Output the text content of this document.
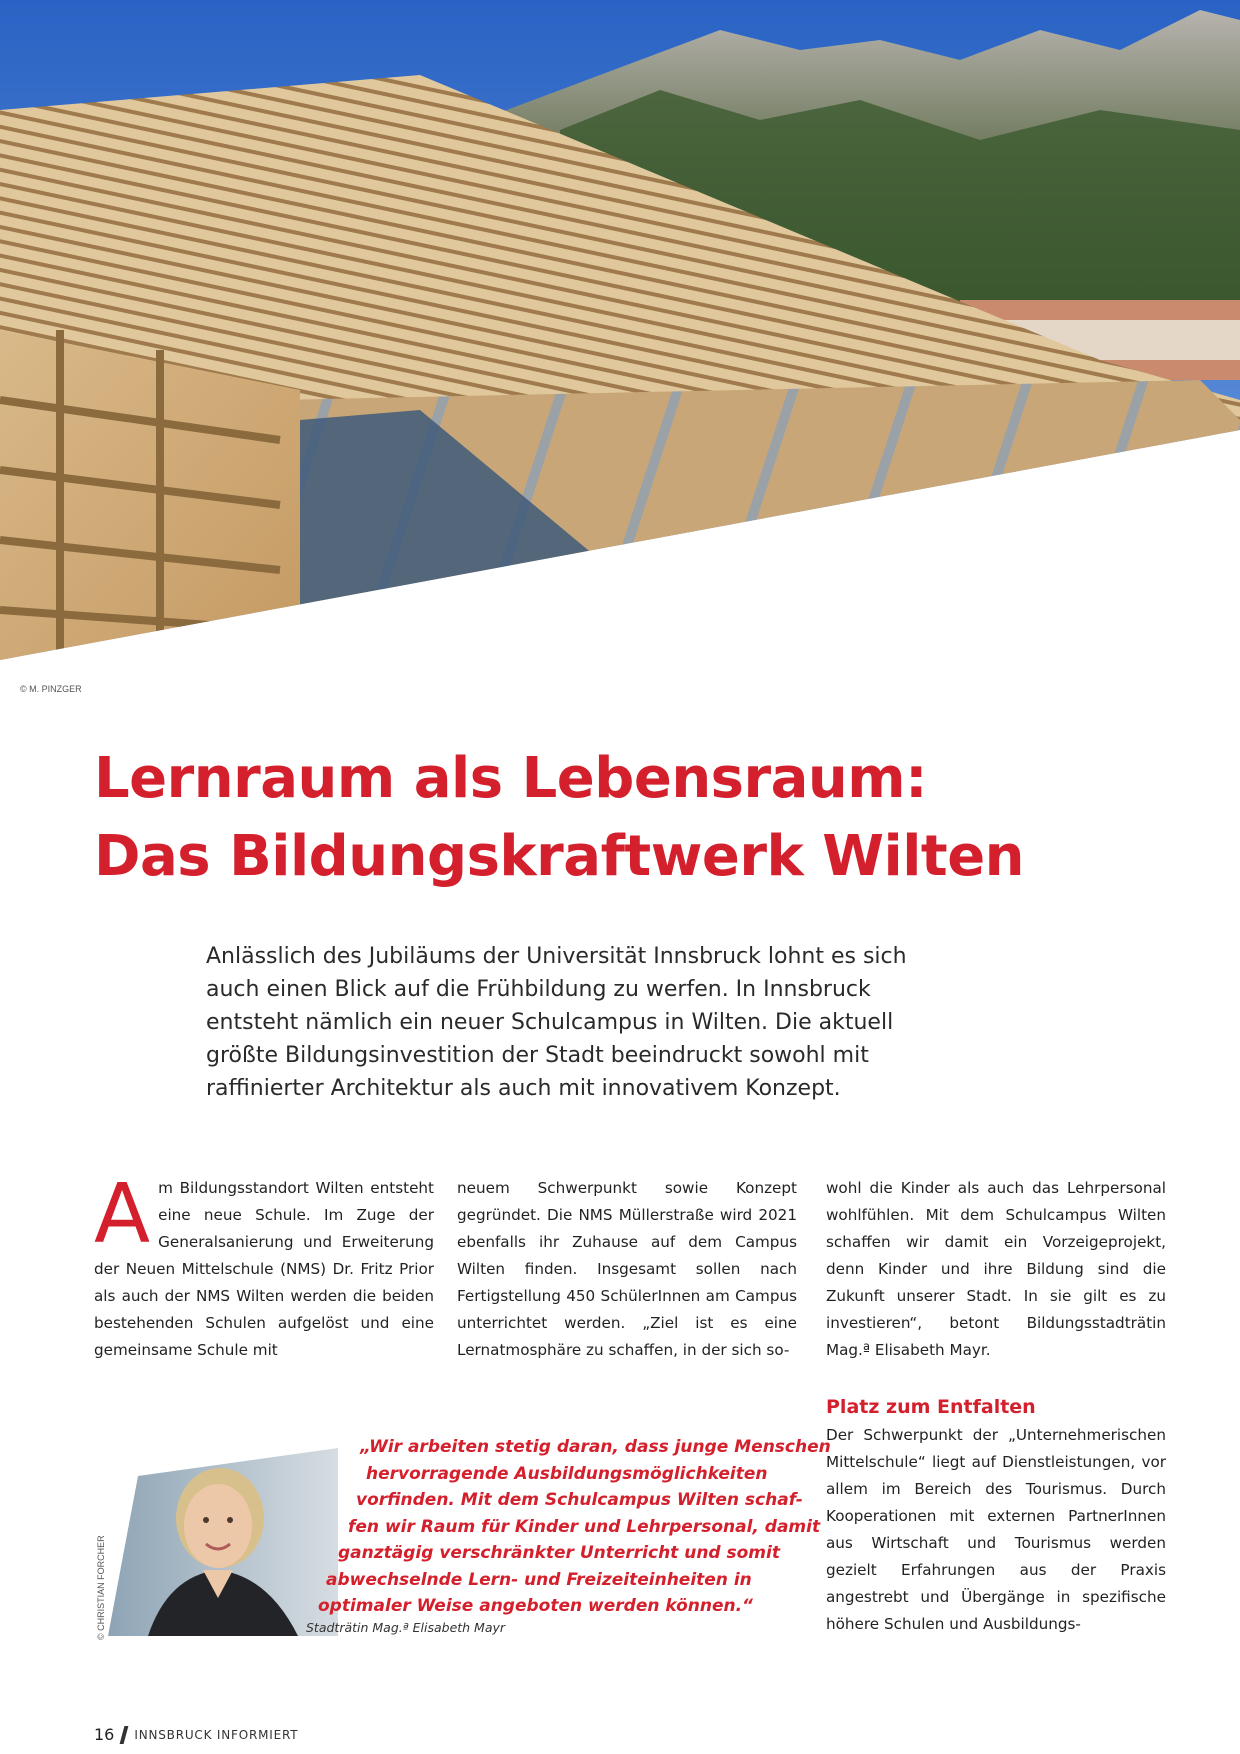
© M. PINZGER
Lernraum als Lebensraum:
Das Bildungskraftwerk Wilten

Anlässlich des Jubiläums der Universität Innsbruck lohnt es sich auch einen Blick auf die Frühbildung zu werfen. In Innsbruck entsteht nämlich ein neuer Schulcampus in Wilten. Die aktuell größte Bildungsinvestition der Stadt beeindruckt sowohl mit raffinierter Architektur als auch mit innovativem Konzept.

A m Bildungsstandort Wilten entsteht eine neue Schule. Im Zuge der Generalsanierung und Erweiterung der Neuen Mittelschule (NMS) Dr. Fritz Prior als auch der NMS Wilten werden die beiden bestehenden Schulen aufgelöst und eine gemeinsame Schule mit

neuem Schwerpunkt sowie Konzept gegründet. Die NMS Müllerstraße wird 2021 ebenfalls ihr Zuhause auf dem Campus Wilten finden. Insgesamt sollen nach Fertigstellung 450 SchülerInnen am Campus unterrichtet werden. „Ziel ist es eine Lernatmosphäre zu schaffen, in der sich so-

wohl die Kinder als auch das Lehrpersonal wohlfühlen. Mit dem Schulcampus Wilten schaffen wir damit ein Vorzeigeprojekt, denn Kinder und ihre Bildung sind die Zukunft unserer Stadt. In sie gilt es zu investieren“, betont Bildungsstadträtin Mag.ª Elisabeth Mayr.

Platz zum Entfalten

Der Schwerpunkt der „Unternehmerischen Mittelschule“ liegt auf Dienstleistungen, vor allem im Bereich des Tourismus. Durch Kooperationen mit externen PartnerInnen aus Wirtschaft und Tourismus werden gezielt Erfahrungen aus der Praxis angestrebt und Übergänge in spezifische höhere Schulen und Ausbildungs-

© CHRISTIAN FORCHER
„Wir arbeiten stetig daran, dass junge Menschen
hervorragende Ausbildungsmöglichkeiten
vorfinden. Mit dem Schulcampus Wilten schaf-
fen wir Raum für Kinder und Lehrpersonal, damit
ganztägig verschränkter Unterricht und somit
abwechselnde Lern- und Freizeiteinheiten in
optimaler Weise angeboten werden können.“
Stadträtin Mag.ª Elisabeth Mayr
16 INNSBRUCK INFORMIERT
